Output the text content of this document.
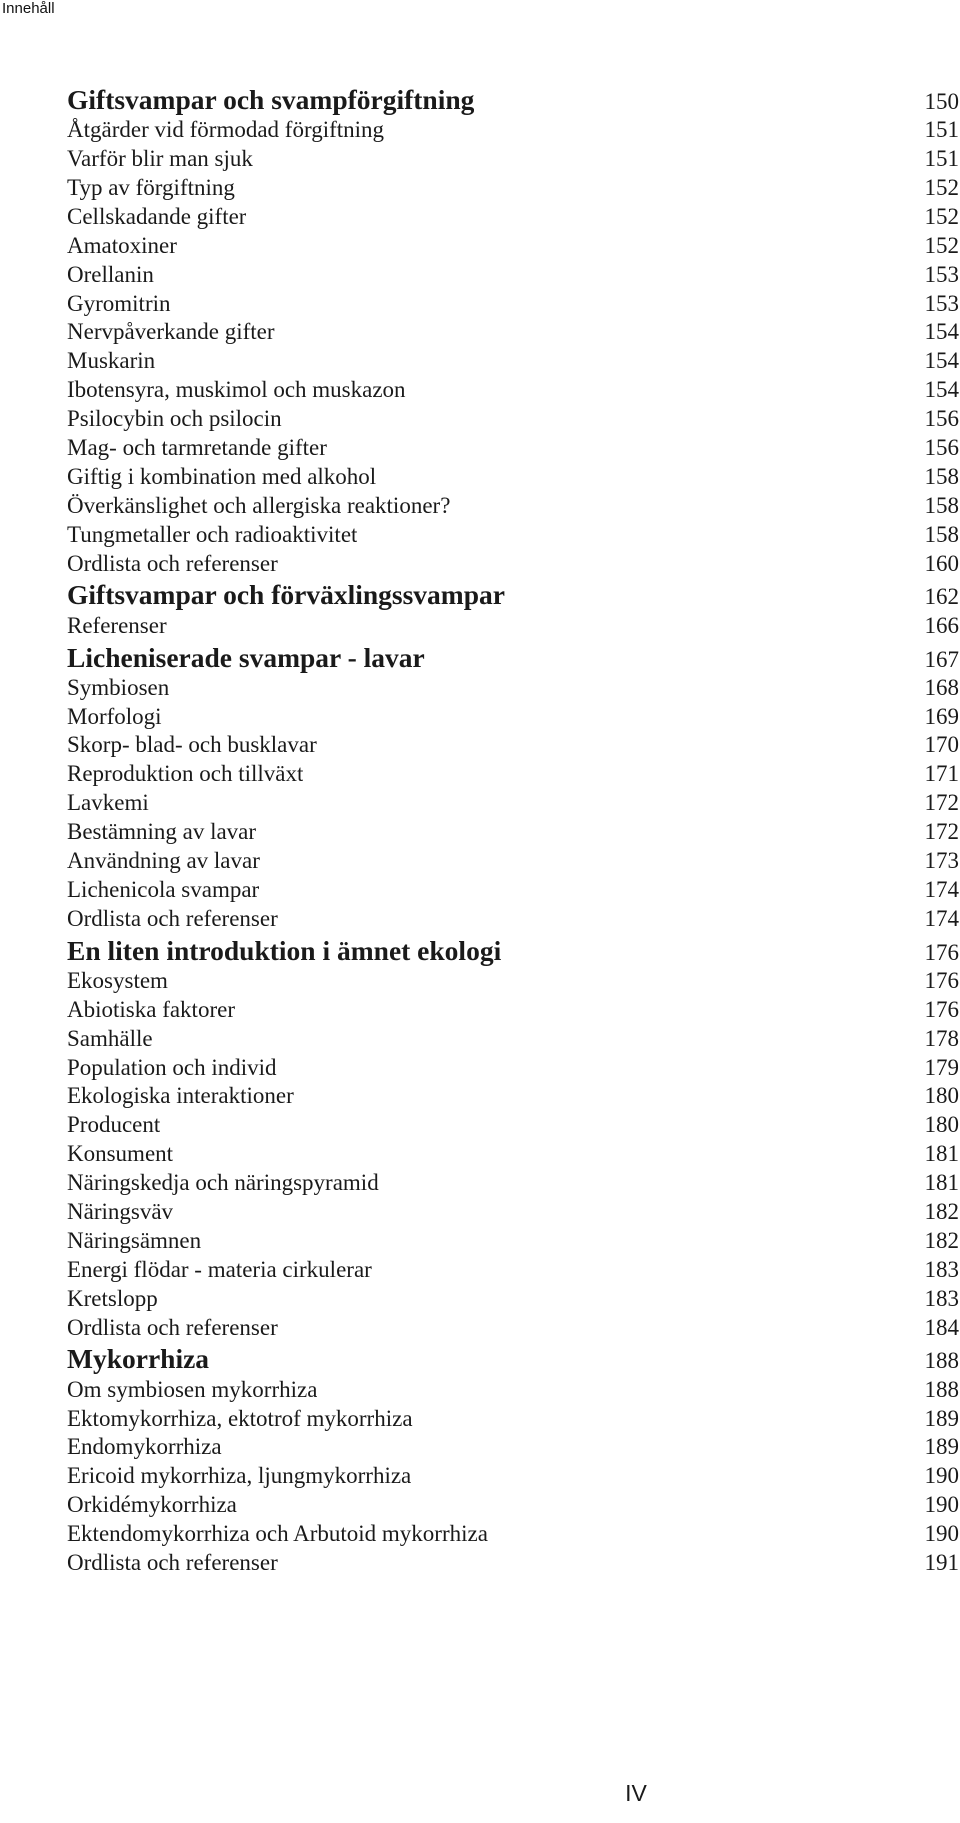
Innehåll
Giftsvampar och svampförgiftning	150
Åtgärder vid förmodad förgiftning	151
Varför blir man sjuk	151
Typ av förgiftning	152
Cellskadande gifter	152
Amatoxiner	152
Orellanin	153
Gyromitrin	153
Nervpåverkande gifter	154
Muskarin	154
Ibotensyra, muskimol och muskazon	154
Psilocybin och psilocin	156
Mag- och tarmretande gifter	156
Giftig i kombination med alkohol	158
Överkänslighet och allergiska reaktioner?	158
Tungmetaller och radioaktivitet	158
Ordlista och referenser	160
Giftsvampar och förväxlingssvampar	162
Referenser	166
Licheniserade svampar - lavar	167
Symbiosen	168
Morfologi	169
Skorp- blad- och busklavar	170
Reproduktion och tillväxt	171
Lavkemi	172
Bestämning av lavar	172
Användning av lavar	173
Lichenicola svampar	174
Ordlista och referenser	174
En liten introduktion i ämnet ekologi	176
Ekosystem	176
Abiotiska faktorer	176
Samhälle	178
Population och individ	179
Ekologiska interaktioner	180
Producent	180
Konsument	181
Näringskedja och näringspyramid	181
Näringsväv	182
Näringsämnen	182
Energi flödar - materia cirkulerar	183
Kretslopp	183
Ordlista och referenser	184
Mykorrhiza	188
Om symbiosen mykorrhiza	188
Ektomykorrhiza, ektotrof mykorrhiza	189
Endomykorrhiza	189
Ericoid mykorrhiza, ljungmykorrhiza	190
Orkidémykorrhiza	190
Ektendomykorrhiza och Arbutoid mykorrhiza	190
Ordlista och referenser	191
IV
